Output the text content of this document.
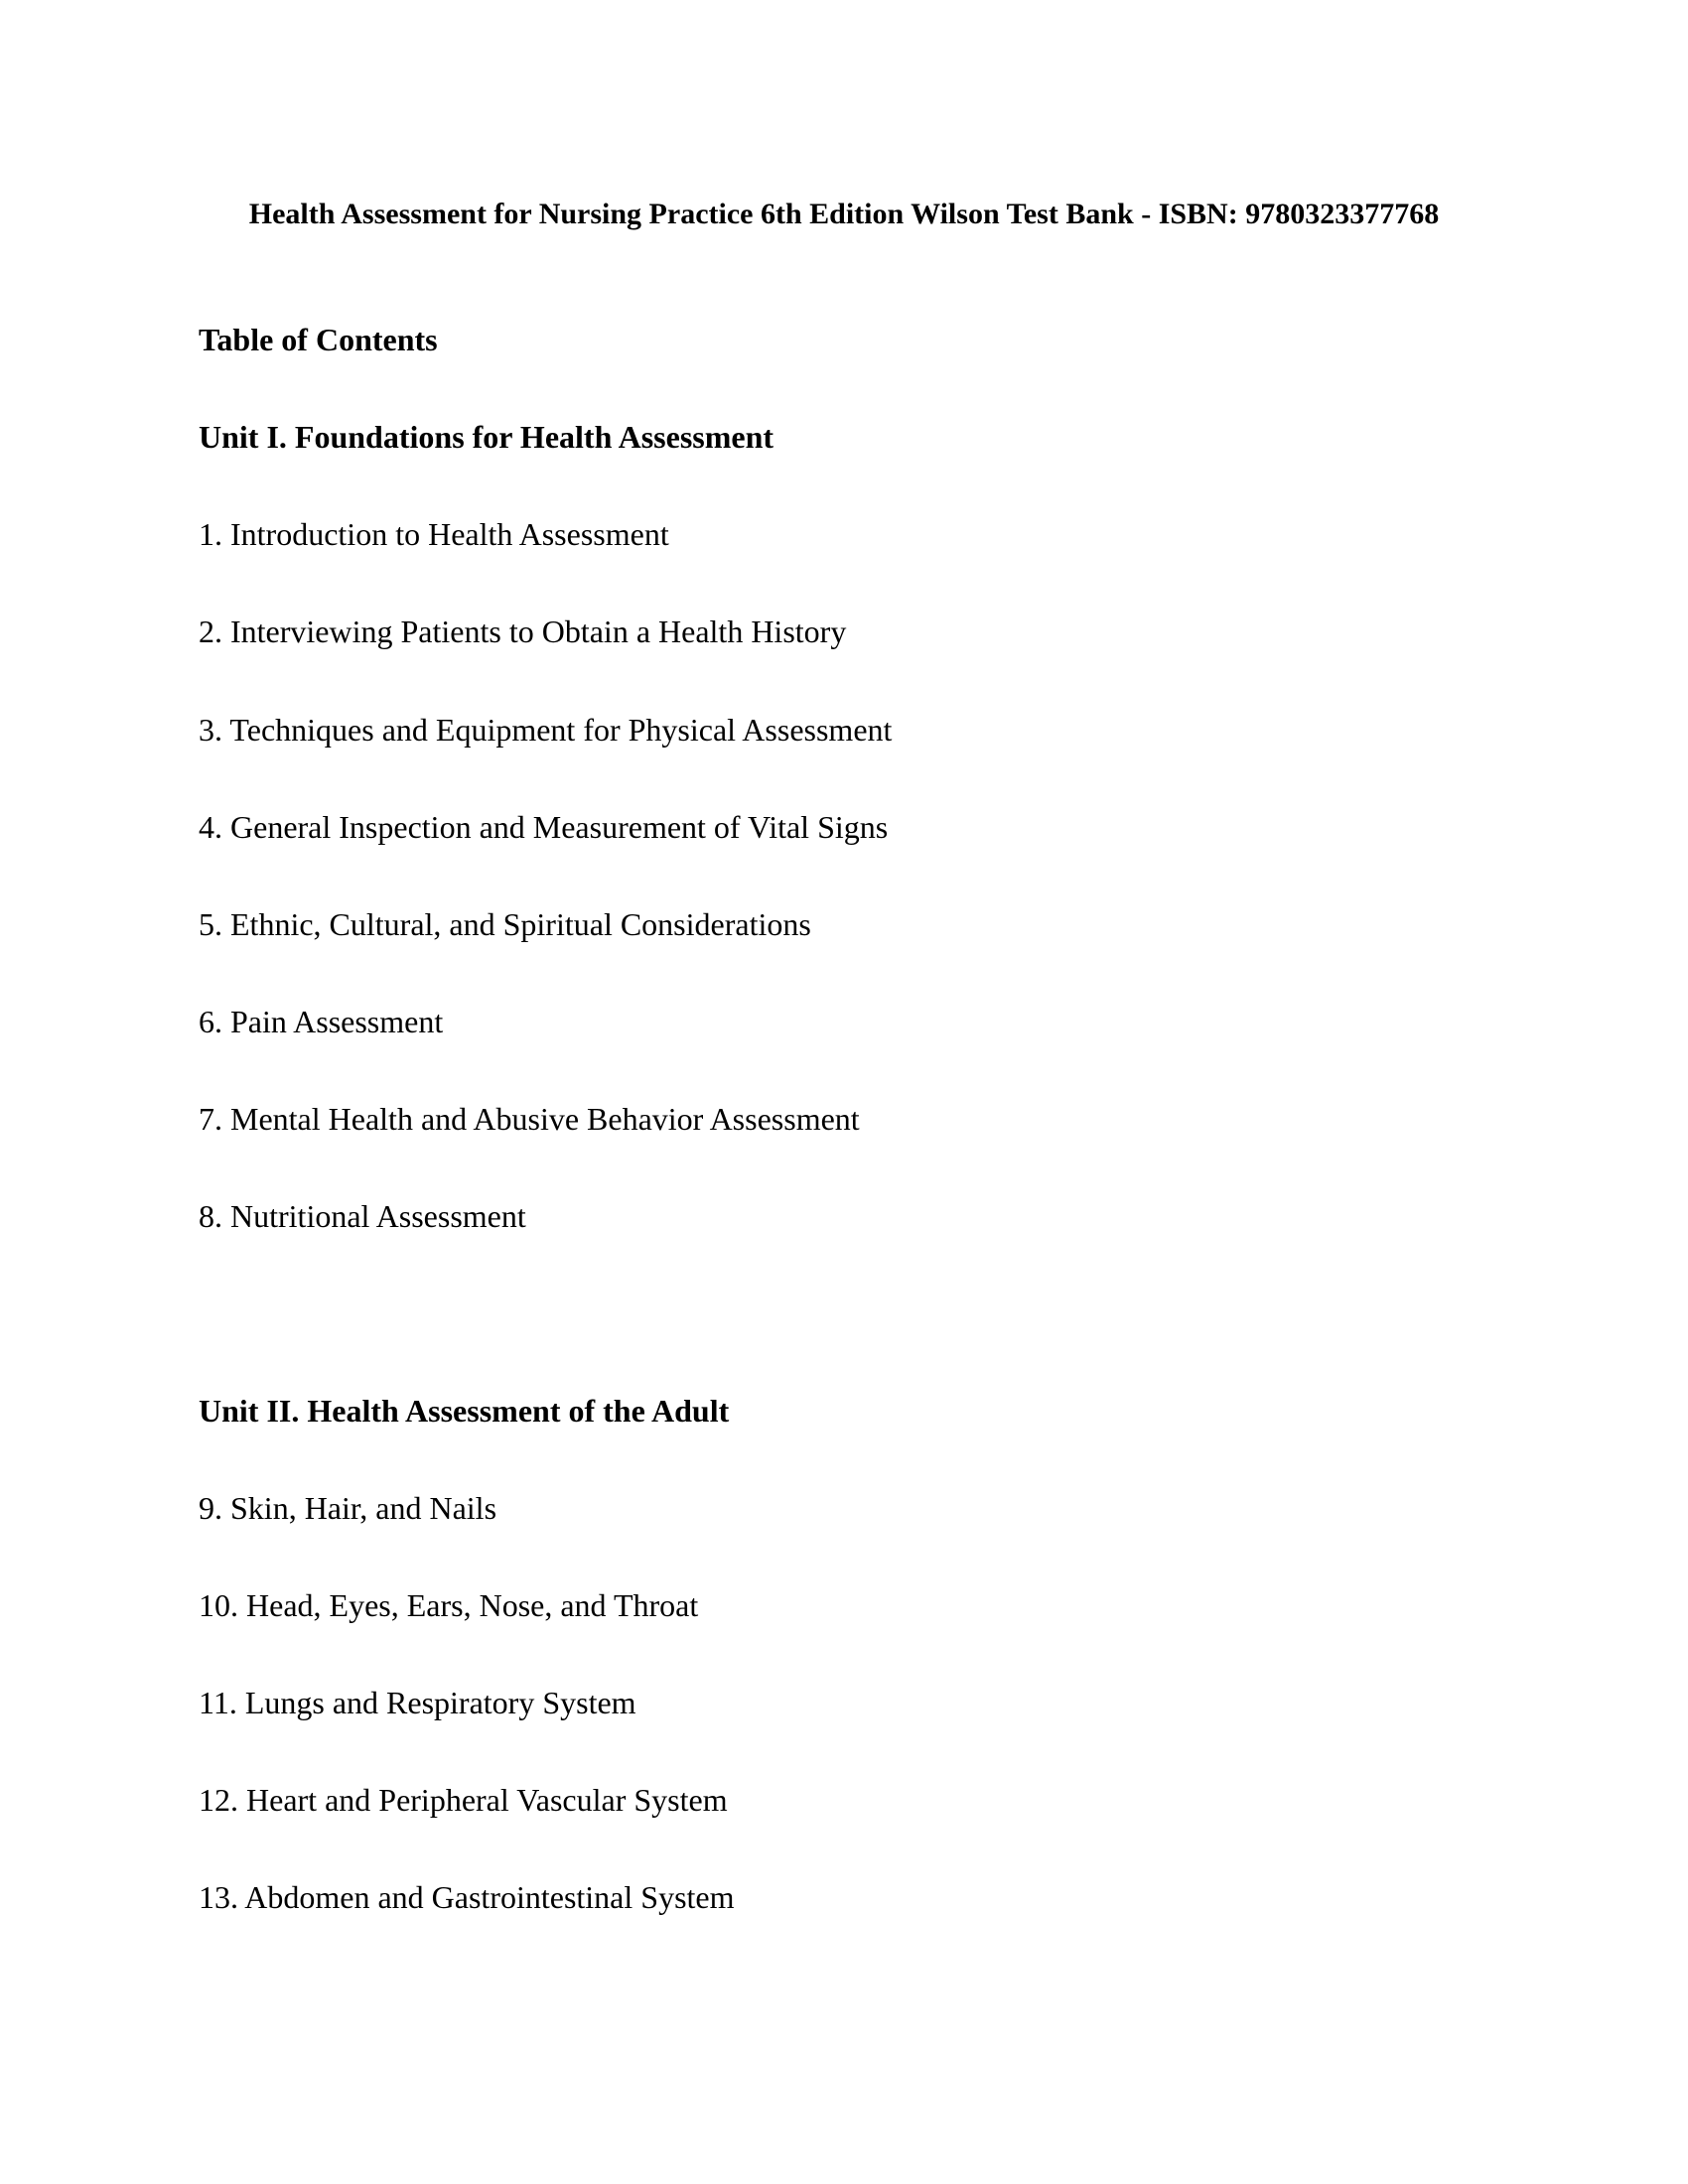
Health Assessment for Nursing Practice 6th Edition Wilson Test Bank - ISBN: 9780323377768
Table of Contents
Unit I. Foundations for Health Assessment

1. Introduction to Health Assessment

2. Interviewing Patients to Obtain a Health History

3. Techniques and Equipment for Physical Assessment

4. General Inspection and Measurement of Vital Signs

5. Ethnic, Cultural, and Spiritual Considerations

6. Pain Assessment

7. Mental Health and Abusive Behavior Assessment

8. Nutritional Assessment

Unit II. Health Assessment of the Adult

9. Skin, Hair, and Nails

10. Head, Eyes, Ears, Nose, and Throat

11. Lungs and Respiratory System

12. Heart and Peripheral Vascular System

13. Abdomen and Gastrointestinal System
